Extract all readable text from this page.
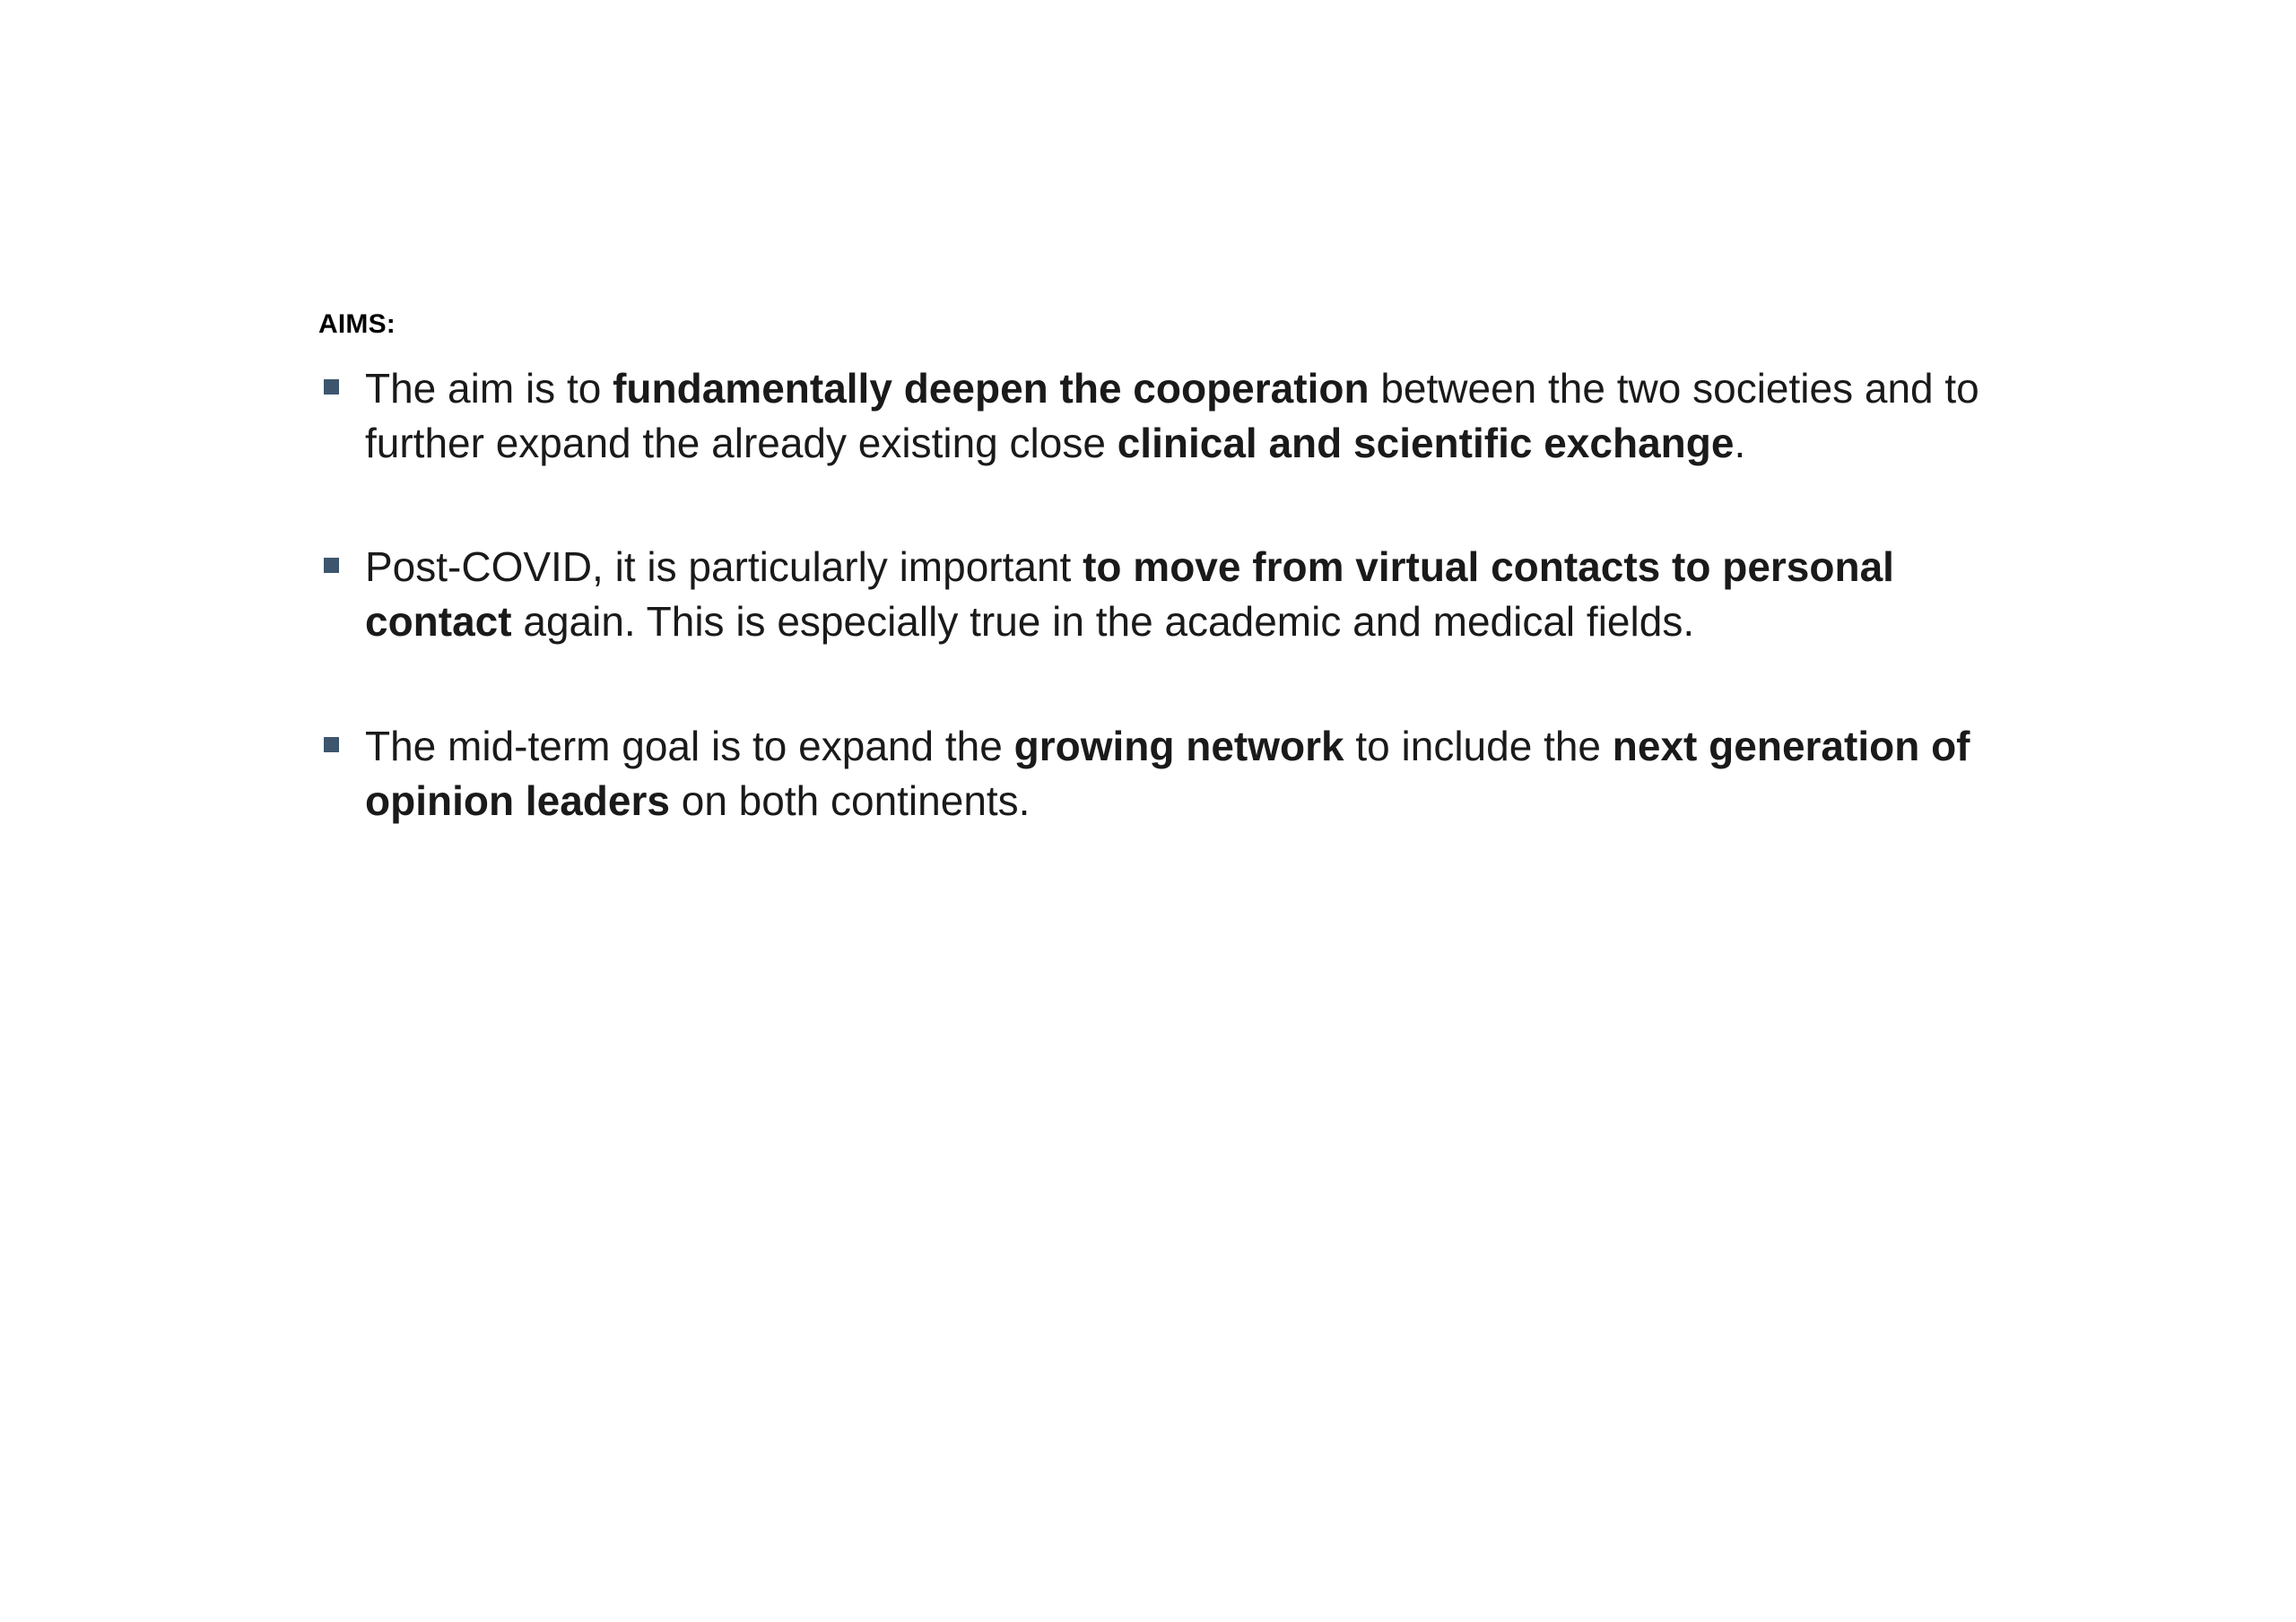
AIMS:
The aim is to fundamentally deepen the cooperation between the two societies and to further expand the already existing close clinical and scientific exchange.
Post-COVID, it is particularly important to move from virtual contacts to personal contact again. This is especially true in the academic and medical fields.
The mid-term goal is to expand the growing network to include the next generation of opinion leaders on both continents.
